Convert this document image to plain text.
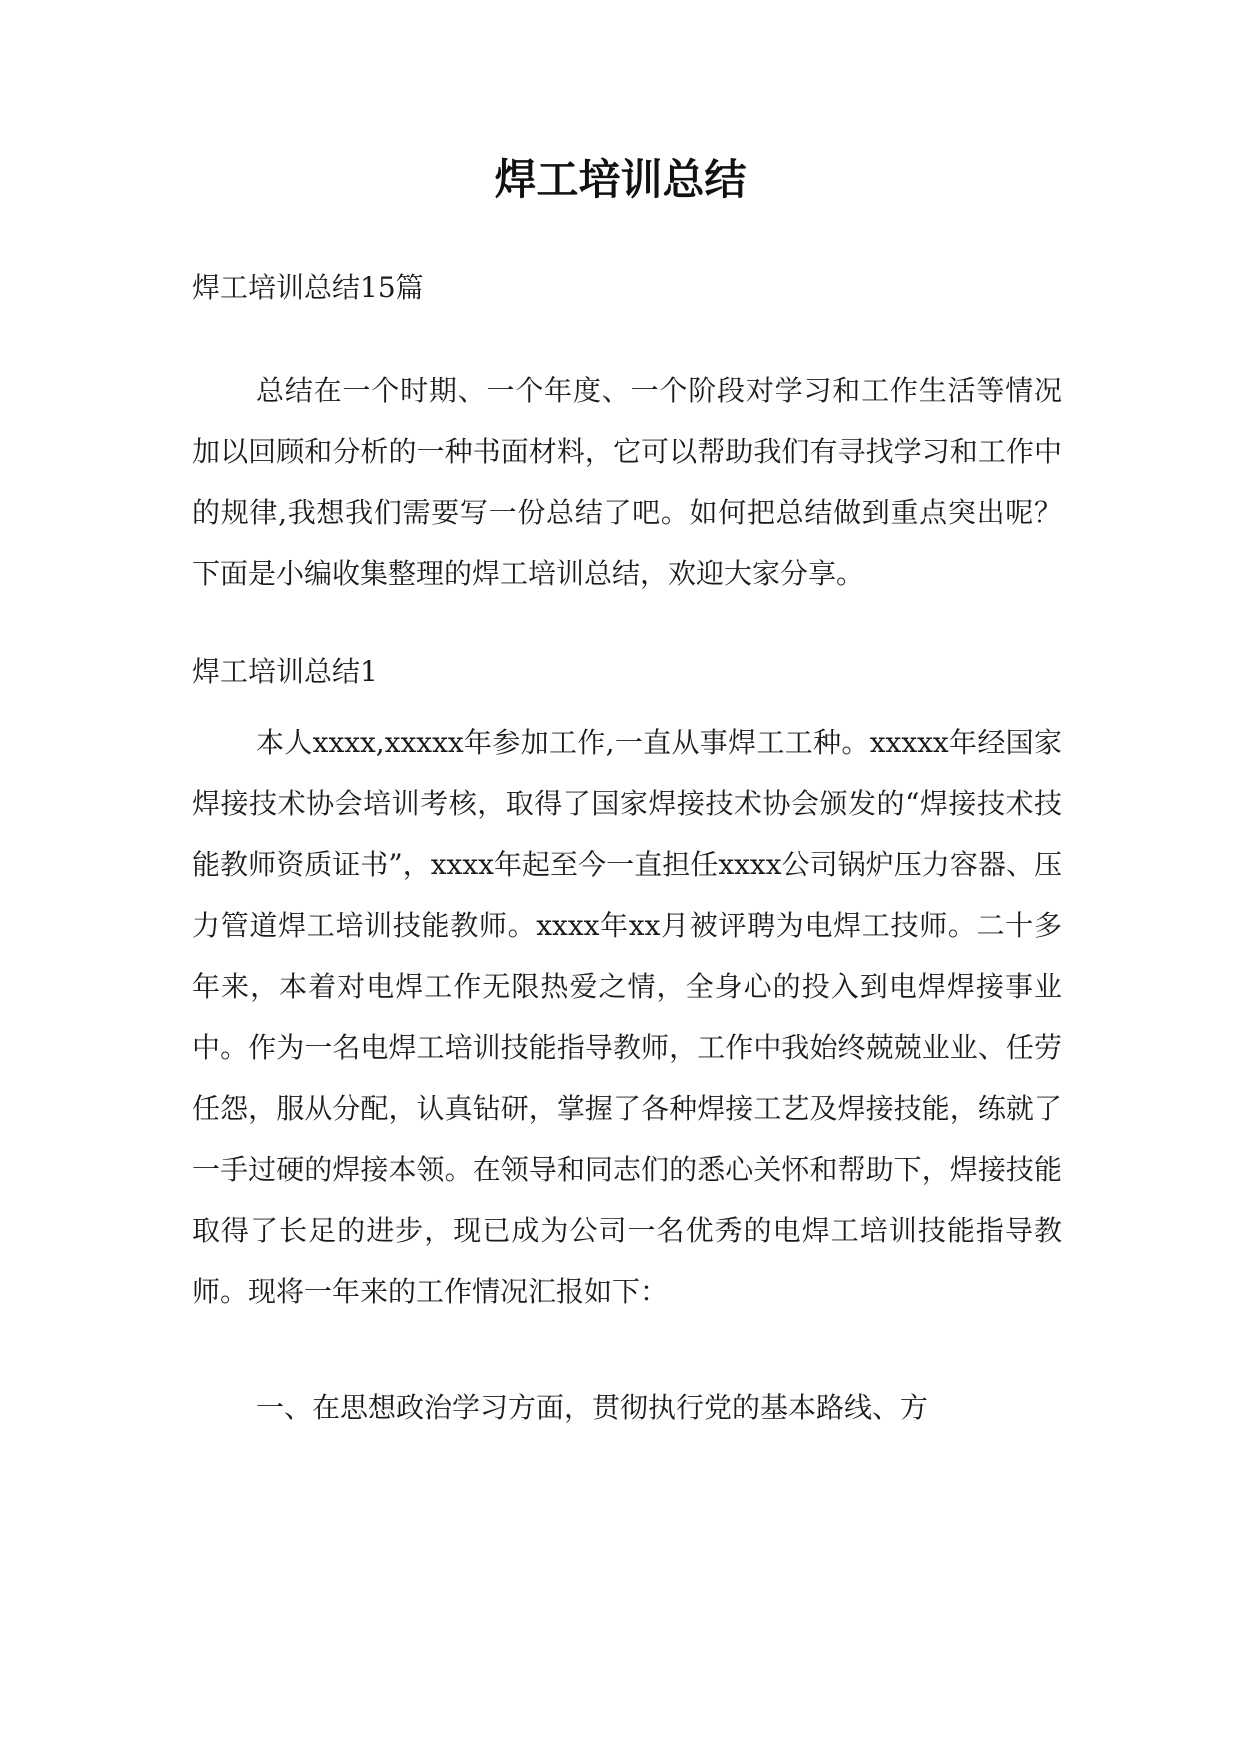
焊工培训总结
焊工培训总结15篇
总结在一个时期、一个年度、一个阶段对学习和工作生活等情况加以回顾和分析的一种书面材料，它可以帮助我们有寻找学习和工作中的规律,我想我们需要写一份总结了吧。如何把总结做到重点突出呢？下面是小编收集整理的焊工培训总结，欢迎大家分享。
焊工培训总结1
本人xxxx,xxxxx年参加工作,一直从事焊工工种。xxxxx年经国家焊接技术协会培训考核，取得了国家焊接技术协会颁发的“焊接技术技能教师资质证书”，xxxx年起至今一直担任xxxx公司锅炉压力容器、压力管道焊工培训技能教师。xxxx年xx月被评聘为电焊工技师。二十多年来，本着对电焊工作无限热爱之情，全身心的投入到电焊焊接事业中。作为一名电焊工培训技能指导教师，工作中我始终兢兢业业、任劳任怨，服从分配，认真钻研，掌握了各种焊接工艺及焊接技能，练就了一手过硬的焊接本领。在领导和同志们的悉心关怀和帮助下，焊接技能取得了长足的进步，现已成为公司一名优秀的电焊工培训技能指导教师。现将一年来的工作情况汇报如下：
一、在思想政治学习方面，贯彻执行党的基本路线、方
